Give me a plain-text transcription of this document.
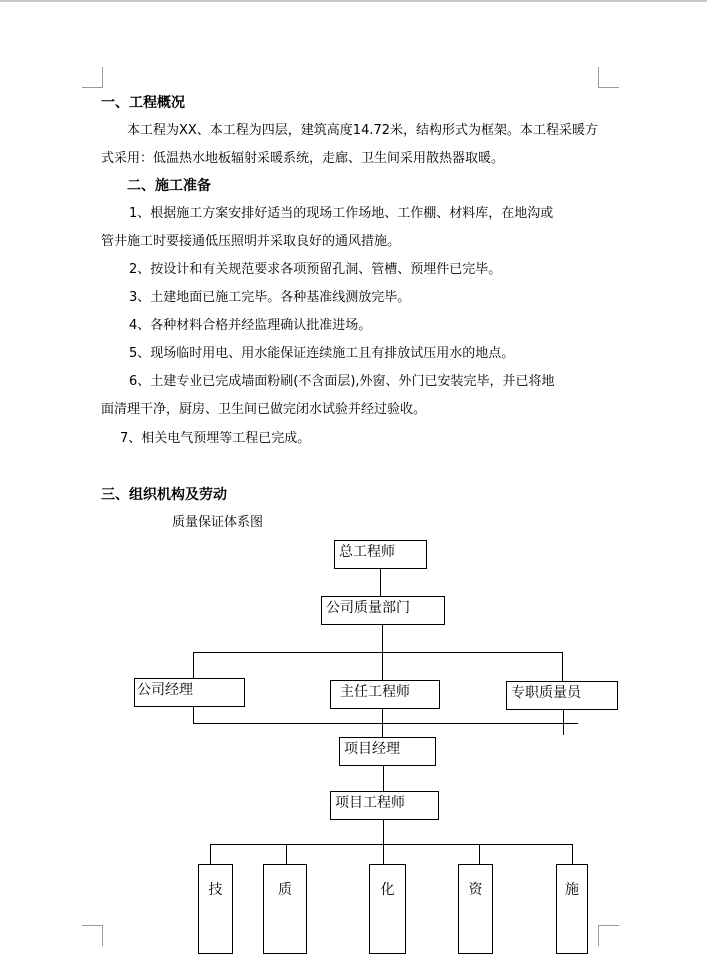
一、工程概况
本工程为XX、本工程为四层，建筑高度14.72米，结构形式为框架。本工程采暖方
式采用：低温热水地板辐射采暖系统，走廊、卫生间采用散热器取暖。
二、施工准备
1、根据施工方案安排好适当的现场工作场地、工作棚、材料库，在地沟或
管井施工时要接通低压照明并采取良好的通风措施。
2、按设计和有关规范要求各项预留孔洞、管槽、预埋件已完毕。
3、土建地面已施工完毕。各种基准线测放完毕。
4、各种材料合格并经监理确认批准进场。
5、现场临时用电、用水能保证连续施工且有排放试压用水的地点。
6、土建专业已完成墙面粉刷(不含面层),外窗、外门已安装完毕，并已将地
面清理干净，厨房、卫生间已做完闭水试验并经过验收。
7、相关电气预埋等工程已完成。
三、组织机构及劳动
质量保证体系图
总工程师
公司质量部门
公司经理	主任工程师	专职质量员
项目经理
项目工程师
技	质	化	资	施
